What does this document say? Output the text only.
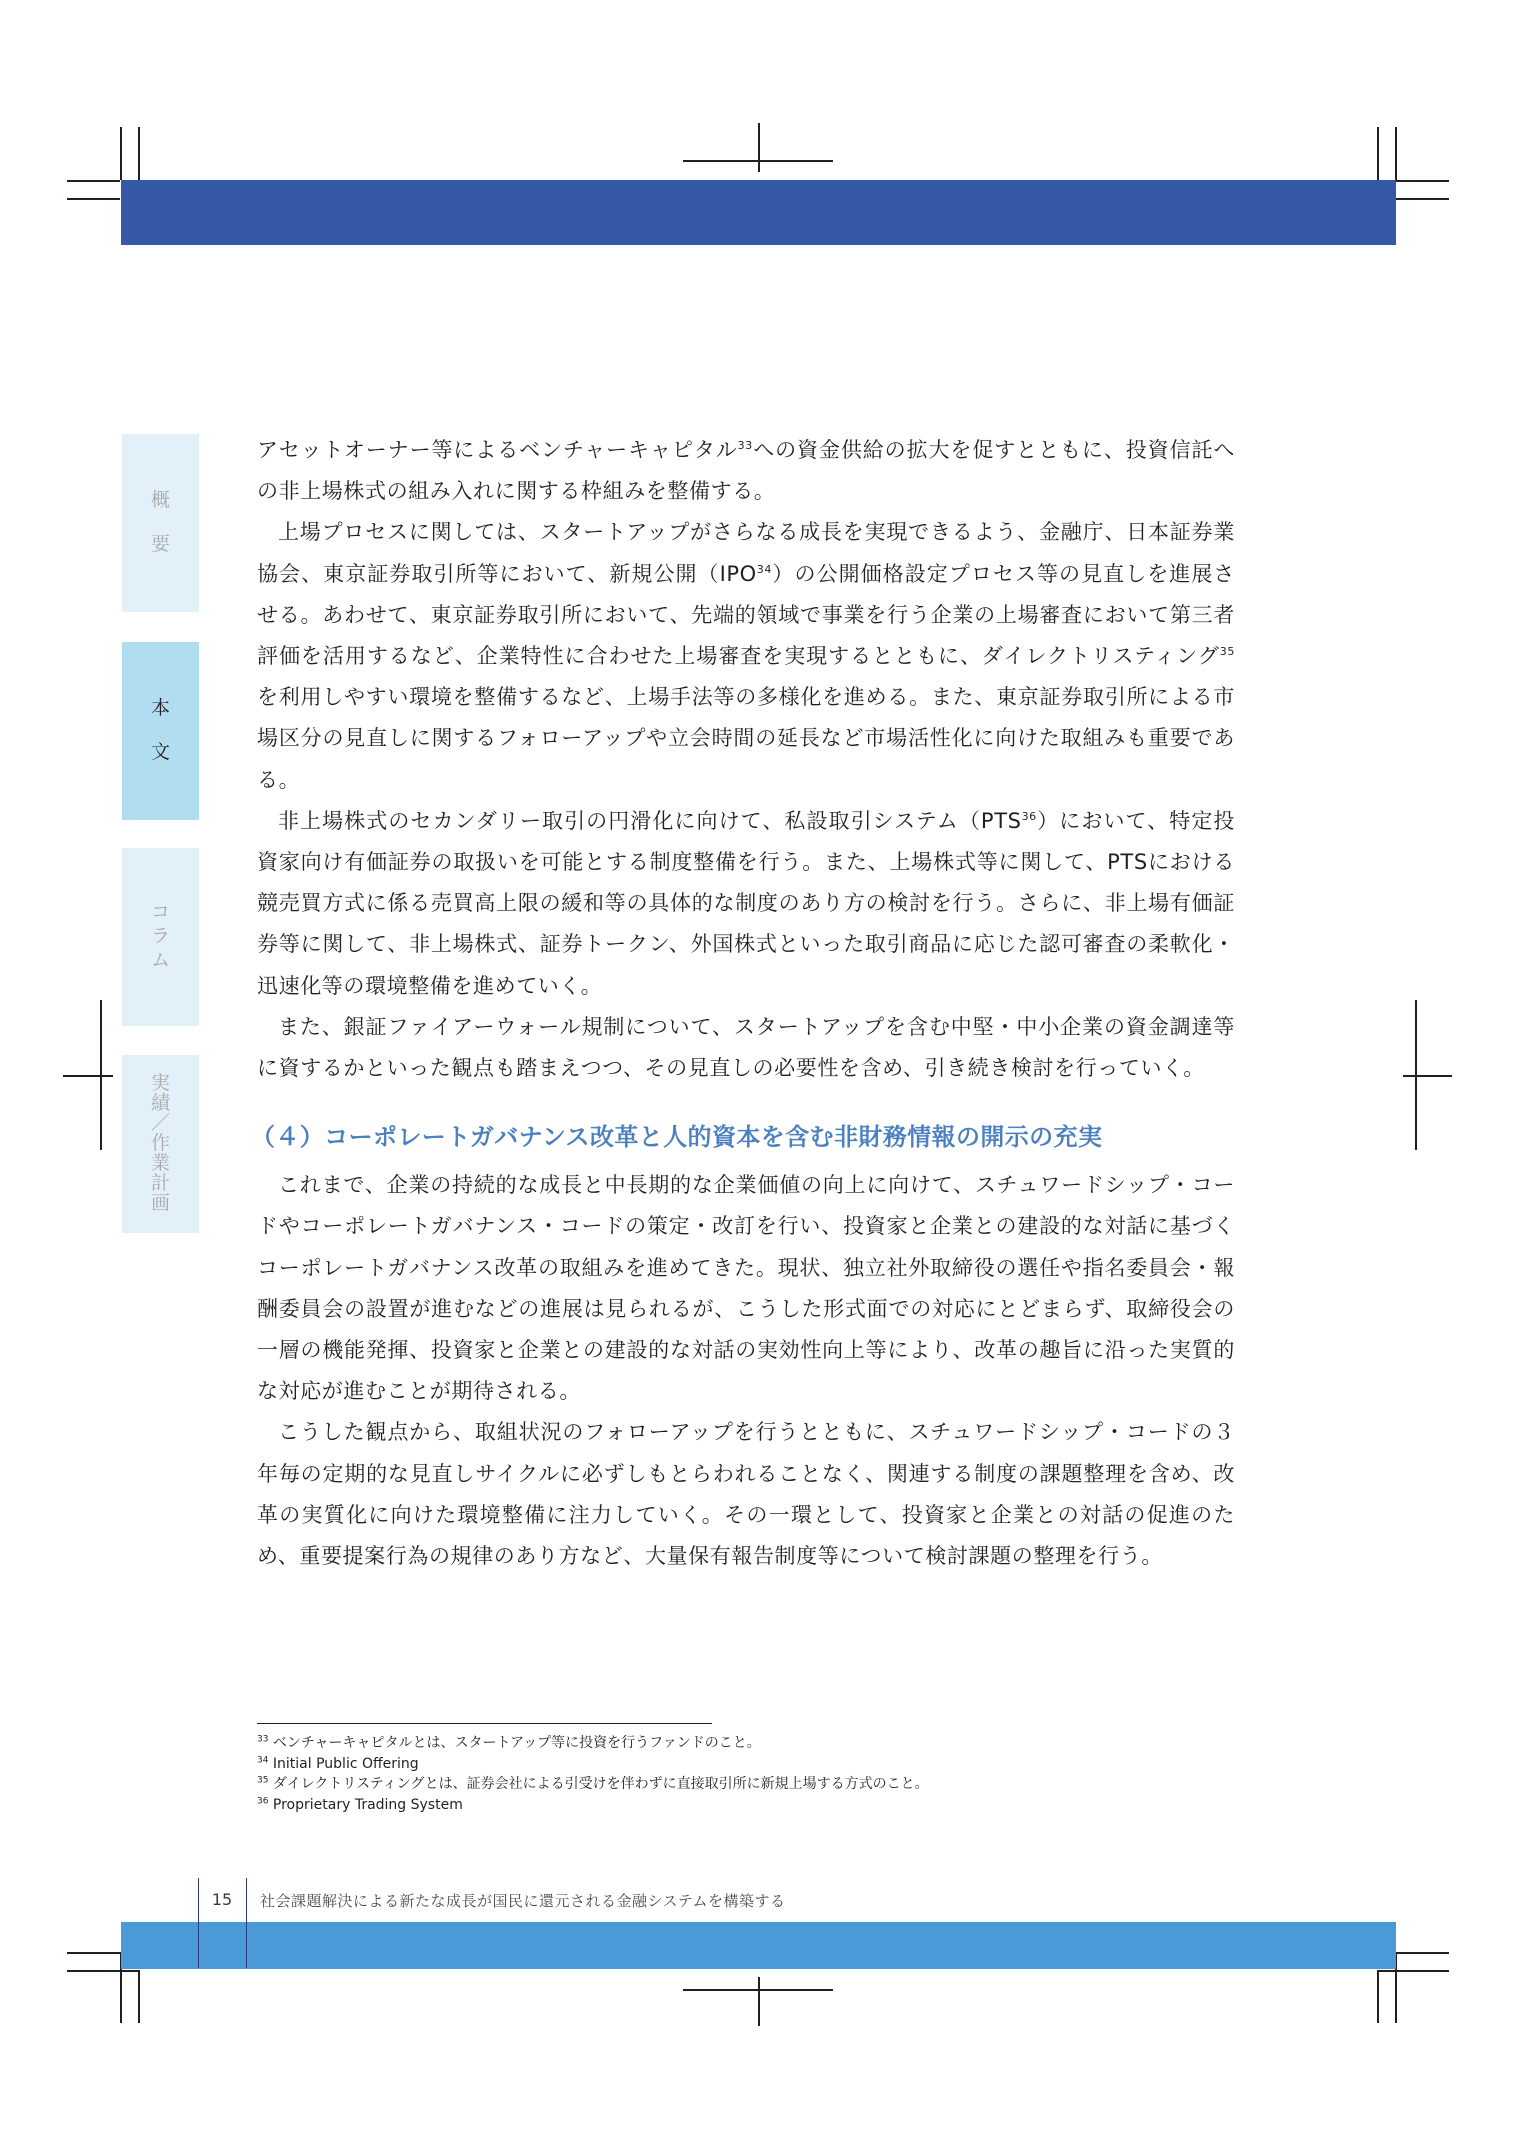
概
要
本
文
コ
ラ
ム
実
績
／
作
業
計
画

アセットオーナー等によるベンチャーキャピタル$^{33}$への資金供給の拡大を促すとともに、投資信託への非上場株式の組み入れに関する枠組みを整備する。

上場プロセスに関しては、スタートアップがさらなる成長を実現できるよう、金融庁、日本証券業協会、東京証券取引所等において、新規公開（IPO$^{34}$）の公開価格設定プロセス等の見直しを進展させる。あわせて、東京証券取引所において、先端的領域で事業を行う企業の上場審査において第三者評価を活用するなど、企業特性に合わせた上場審査を実現するとともに、ダイレクトリスティング$^{35}$を利用しやすい環境を整備するなど、上場手法等の多様化を進める。また、東京証券取引所による市場区分の見直しに関するフォローアップや立会時間の延長など市場活性化に向けた取組みも重要である。

非上場株式のセカンダリー取引の円滑化に向けて、私設取引システム（PTS$^{36}$）において、特定投資家向け有価証券の取扱いを可能とする制度整備を行う。また、上場株式等に関して、PTSにおける競売買方式に係る売買高上限の緩和等の具体的な制度のあり方の検討を行う。さらに、非上場有価証券等に関して、非上場株式、証券トークン、外国株式といった取引商品に応じた認可審査の柔軟化・迅速化等の環境整備を進めていく。

また、銀証ファイアーウォール規制について、スタートアップを含む中堅・中小企業の資金調達等に資するかといった観点も踏まえつつ、その見直しの必要性を含め、引き続き検討を行っていく。

（４）コーポレートガバナンス改革と人的資本を含む非財務情報の開示の充実

これまで、企業の持続的な成長と中長期的な企業価値の向上に向けて、スチュワードシップ・コードやコーポレートガバナンス・コードの策定・改訂を行い、投資家と企業との建設的な対話に基づくコーポレートガバナンス改革の取組みを進めてきた。現状、独立社外取締役の選任や指名委員会・報酬委員会の設置が進むなどの進展は見られるが、こうした形式面での対応にとどまらず、取締役会の一層の機能発揮、投資家と企業との建設的な対話の実効性向上等により、改革の趣旨に沿った実質的な対応が進むことが期待される。

こうした観点から、取組状況のフォローアップを行うとともに、スチュワードシップ・コードの３年毎の定期的な見直しサイクルに必ずしもとらわれることなく、関連する制度の課題整理を含め、改革の実質化に向けた環境整備に注力していく。その一環として、投資家と企業との対話の促進のため、重要提案行為の規律のあり方など、大量保有報告制度等について検討課題の整理を行う。

$^{33}$ ベンチャーキャピタルとは、スタートアップ等に投資を行うファンドのこと。
$^{34}$ Initial Public Offering
$^{35}$ ダイレクトリスティングとは、証券会社による引受けを伴わずに直接取引所に新規上場する方式のこと。
$^{36}$ Proprietary Trading System
15	社会課題解決による新たな成長が国民に還元される金融システムを構築する
